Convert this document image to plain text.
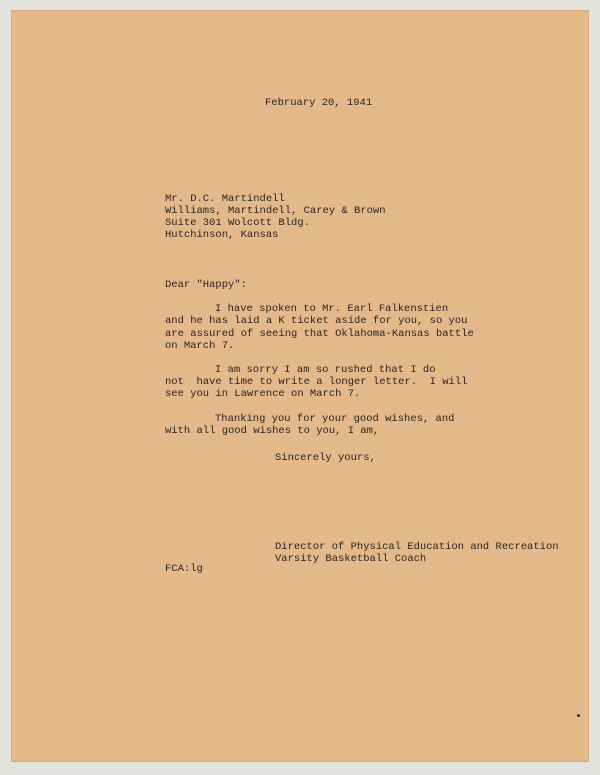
February 20, 1941
Mr. D.C. Martindell
Williams, Martindell, Carey & Brown
Suite 301 Wolcott Bldg.
Hutchinson, Kansas
Dear "Happy":
I have spoken to Mr. Earl Falkenstien
and he has laid a K ticket aside for you, so you
are assured of seeing that Oklahoma-Kansas battle
on March 7.
I am sorry I am so rushed that I do
not  have time to write a longer letter.  I will
see you in Lawrence on March 7.
Thanking you for your good wishes, and
with all good wishes to you, I am,
Sincerely yours,
Director of Physical Education and Recreation
Varsity Basketball Coach
FCA:lg
